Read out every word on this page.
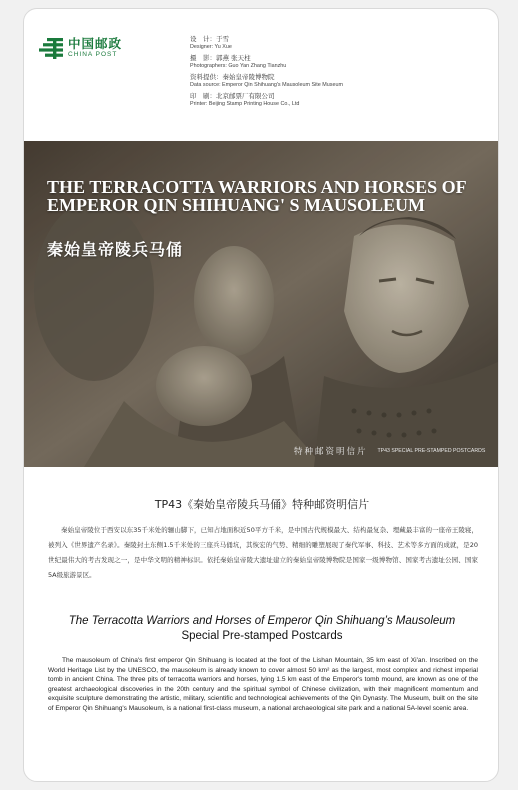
中国邮政
CHINA POST
设　计：于雪
Designer: Yu Xue
摄　影：郭燕 张天柱
Photographers: Guo Yan Zhang Tianzhu
资料提供：秦始皇帝陵博物院
Data source: Emperor Qin Shihuang's Mausoleum Site Museum
印　刷：北京邮票厂有限公司
Printer: Beijing Stamp Printing House Co., Ltd
THE TERRACOTTA WARRIORS AND HORSES OF EMPEROR QIN SHIHUANG' S MAUSOLEUM
秦始皇帝陵兵马俑
特种邮资明信片 TP43 SPECIAL PRE-STAMPED POSTCARDS
TP43《秦始皇帝陵兵马俑》特种邮资明信片

秦始皇帝陵位于西安以东35千米处的骊山脚下，已知占地面积近50平方千米，是中国古代规模最大、结构最复杂、埋藏最丰富的一座帝王陵寝，被列入《世界遗产名录》。秦陵封土东侧1.5千米处的三座兵马俑坑，其恢宏的气势、精细的雕塑展现了秦代军事、科技、艺术等多方面的成就，是20世纪最伟大的考古发现之一，是中华文明的精神标识。依托秦始皇帝陵大遗址建立的秦始皇帝陵博物院是国家一级博物馆、国家考古遗址公园、国家5A级旅游景区。

The Terracotta Warriors and Horses of Emperor Qin Shihuang’s Mausoleum
Special Pre-stamped Postcards

The mausoleum of China's first emperor Qin Shihuang is located at the foot of the Lishan Mountain, 35 km east of Xi'an. Inscribed on the World Heritage List by the UNESCO, the mausoleum is already known to cover almost 50 km² as the largest, most complex and richest imperial tomb in ancient China. The three pits of terracotta warriors and horses, lying 1.5 km east of the Emperor's tomb mound, are known as one of the greatest archaeological discoveries in the 20th century and the spiritual symbol of Chinese civilization, with their magnificent momentum and exquisite sculpture demonstrating the artistic, military, scientific and technological achievements of the Qin Dynasty. The Museum, built on the site of Emperor Qin Shihuang's Mausoleum, is a national first-class museum, a national archaeological site park and a national 5A-level scenic area.
